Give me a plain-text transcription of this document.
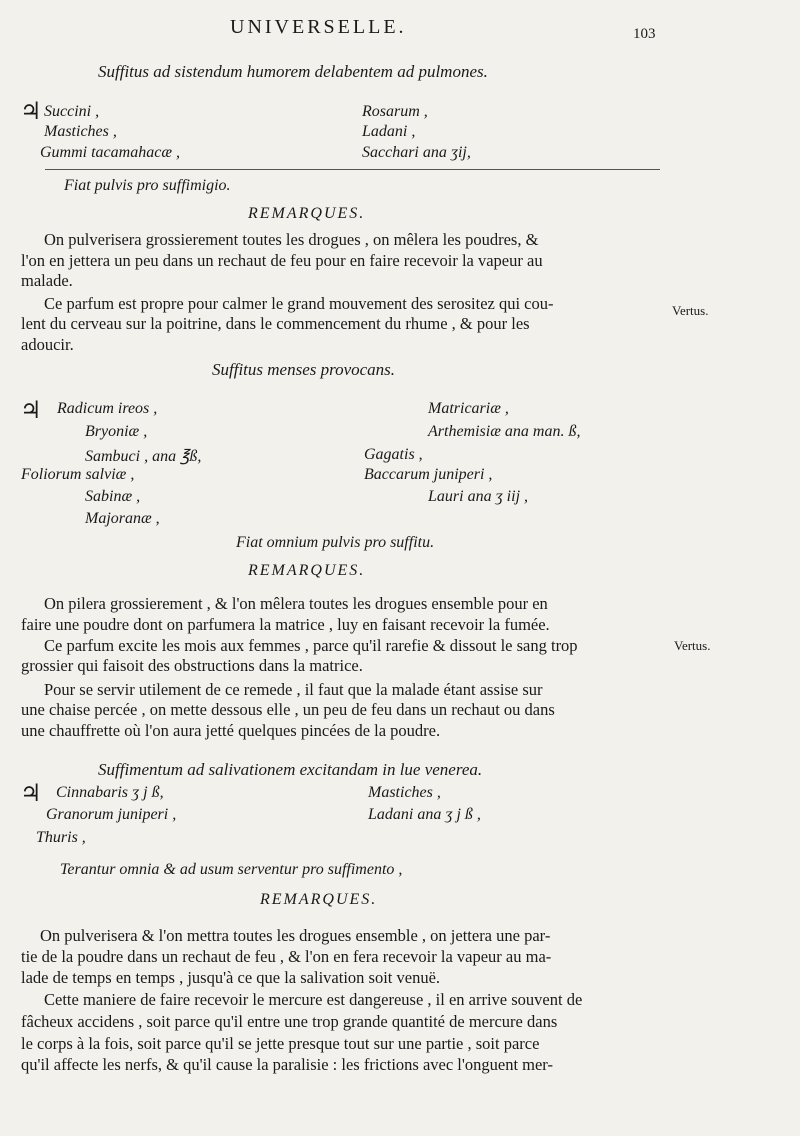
UNIVERSELLE.	103
Suffitus ad sistendum humorem delabentem ad pulmones.
♃ Succini ,
Mastiches ,
Gummi tacamahacæ ,
Rosarum ,
Ladani ,
Sacchari ana ʒij,
Fiat pulvis pro suffimigio.
REMARQUES.
On pulverisera grossierement toutes les drogues , on mêlera les poudres, &
l'on en jettera un peu dans un rechaut de feu pour en faire recevoir la vapeur au
malade.
Ce parfum est propre pour calmer le grand mouvement des serositez qui cou-
lent du cerveau sur la poitrine, dans le commencement du rhume , & pour les
adoucir.
Vertus.
Suffitus menses provocans.
♃ Radicum ireos ,
Bryoniæ ,
Sambuci , ana ℥ß,
Foliorum salviæ ,
Sabinæ ,
Majoranæ ,
Matricariæ ,
Arthemisiæ ana man. ß,
Gagatis ,
Baccarum juniperi ,
Lauri ana ʒ iij ,
Fiat omnium pulvis pro suffitu.
REMARQUES.
On pilera grossierement , & l'on mêlera toutes les drogues ensemble pour en
faire une poudre dont on parfumera la matrice , luy en faisant recevoir la fumée.
Ce parfum excite les mois aux femmes , parce qu'il rarefie & dissout le sang trop
grossier qui faisoit des obstructions dans la matrice.
Pour se servir utilement de ce remede , il faut que la malade étant assise sur
une chaise percée , on mette dessous elle , un peu de feu dans un rechaut ou dans
une chauffrette où l'on aura jetté quelques pincées de la poudre.
Vertus.
Suffimentum ad salivationem excitandam in lue venerea.
♃ Cinnabaris ʒ j ß,
Granorum juniperi ,
Thuris ,
Mastiches ,
Ladani ana ʒ j ß ,
Terantur omnia & ad usum serventur pro suffimento ,
REMARQUES.
On pulverisera & l'on mettra toutes les drogues ensemble , on jettera une par-
tie de la poudre dans un rechaut de feu , & l'on en fera recevoir la vapeur au ma-
lade de temps en temps , jusqu'à ce que la salivation soit venuë.
Cette maniere de faire recevoir le mercure est dangereuse , il en arrive souvent de
fâcheux accidens , soit parce qu'il entre une trop grande quantité de mercure dans
le corps à la fois, soit parce qu'il se jette presque tout sur une partie , soit parce
qu'il affecte les nerfs, & qu'il cause la paralisie : les frictions avec l'onguent mer-
